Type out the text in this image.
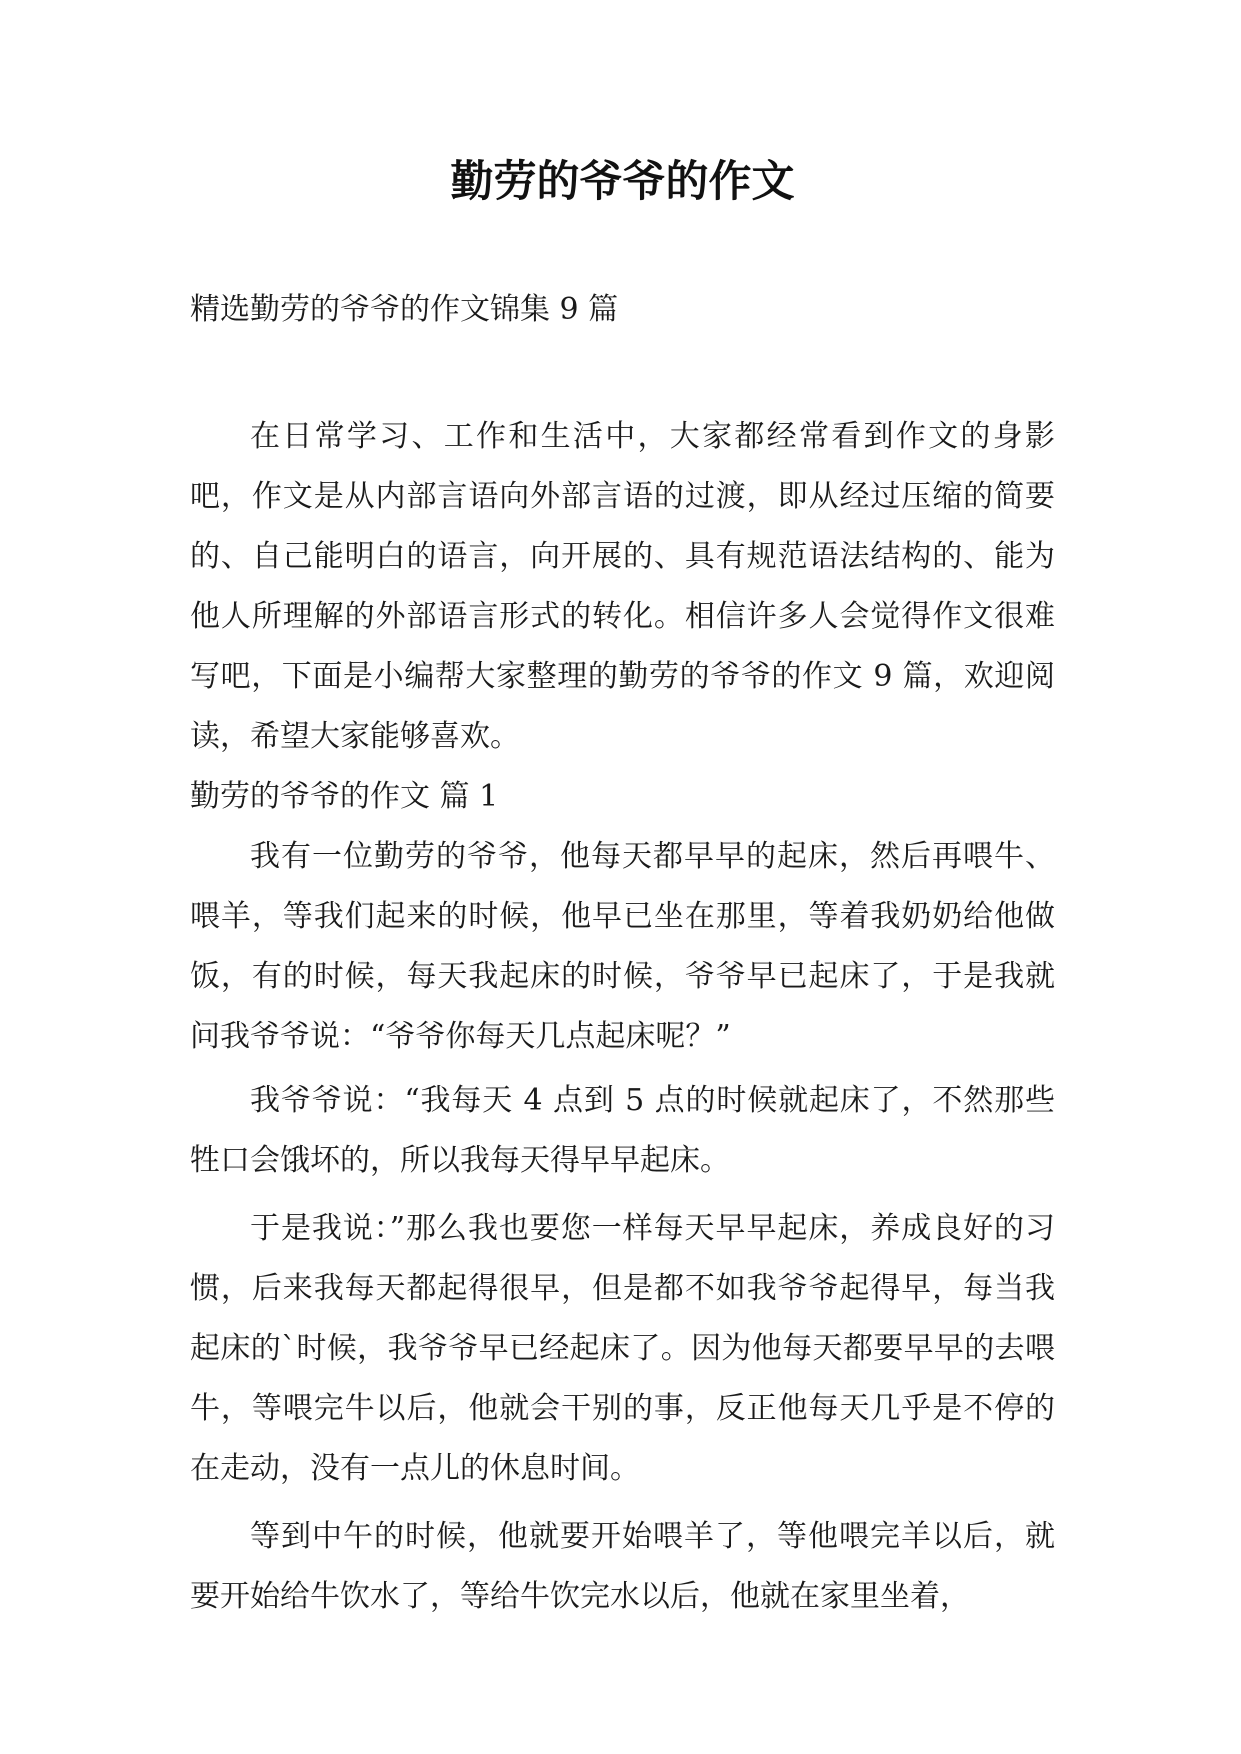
勤劳的爷爷的作文

精选勤劳的爷爷的作文锦集 9 篇

在日常学习、工作和生活中，大家都经常看到作文的身影吧，作文是从内部言语向外部言语的过渡，即从经过压缩的简要的、自己能明白的语言，向开展的、具有规范语法结构的、能为他人所理解的外部语言形式的转化。相信许多人会觉得作文很难写吧，下面是小编帮大家整理的勤劳的爷爷的作文 9 篇，欢迎阅读，希望大家能够喜欢。

勤劳的爷爷的作文 篇 1

我有一位勤劳的爷爷，他每天都早早的起床，然后再喂牛、喂羊，等我们起来的时候，他早已坐在那里，等着我奶奶给他做饭，有的时候，每天我起床的时候，爷爷早已起床了，于是我就问我爷爷说：“爷爷你每天几点起床呢？”

我爷爷说：“我每天 4 点到 5 点的时候就起床了，不然那些牲口会饿坏的，所以我每天得早早起床。

于是我说：”那么我也要您一样每天早早起床，养成良好的习惯，后来我每天都起得很早，但是都不如我爷爷起得早，每当我起床的`时候，我爷爷早已经起床了。因为他每天都要早早的去喂牛，等喂完牛以后，他就会干别的事，反正他每天几乎是不停的在走动，没有一点儿的休息时间。

等到中午的时候，他就要开始喂羊了，等他喂完羊以后，就要开始给牛饮水了，等给牛饮完水以后，他就在家里坐着，
